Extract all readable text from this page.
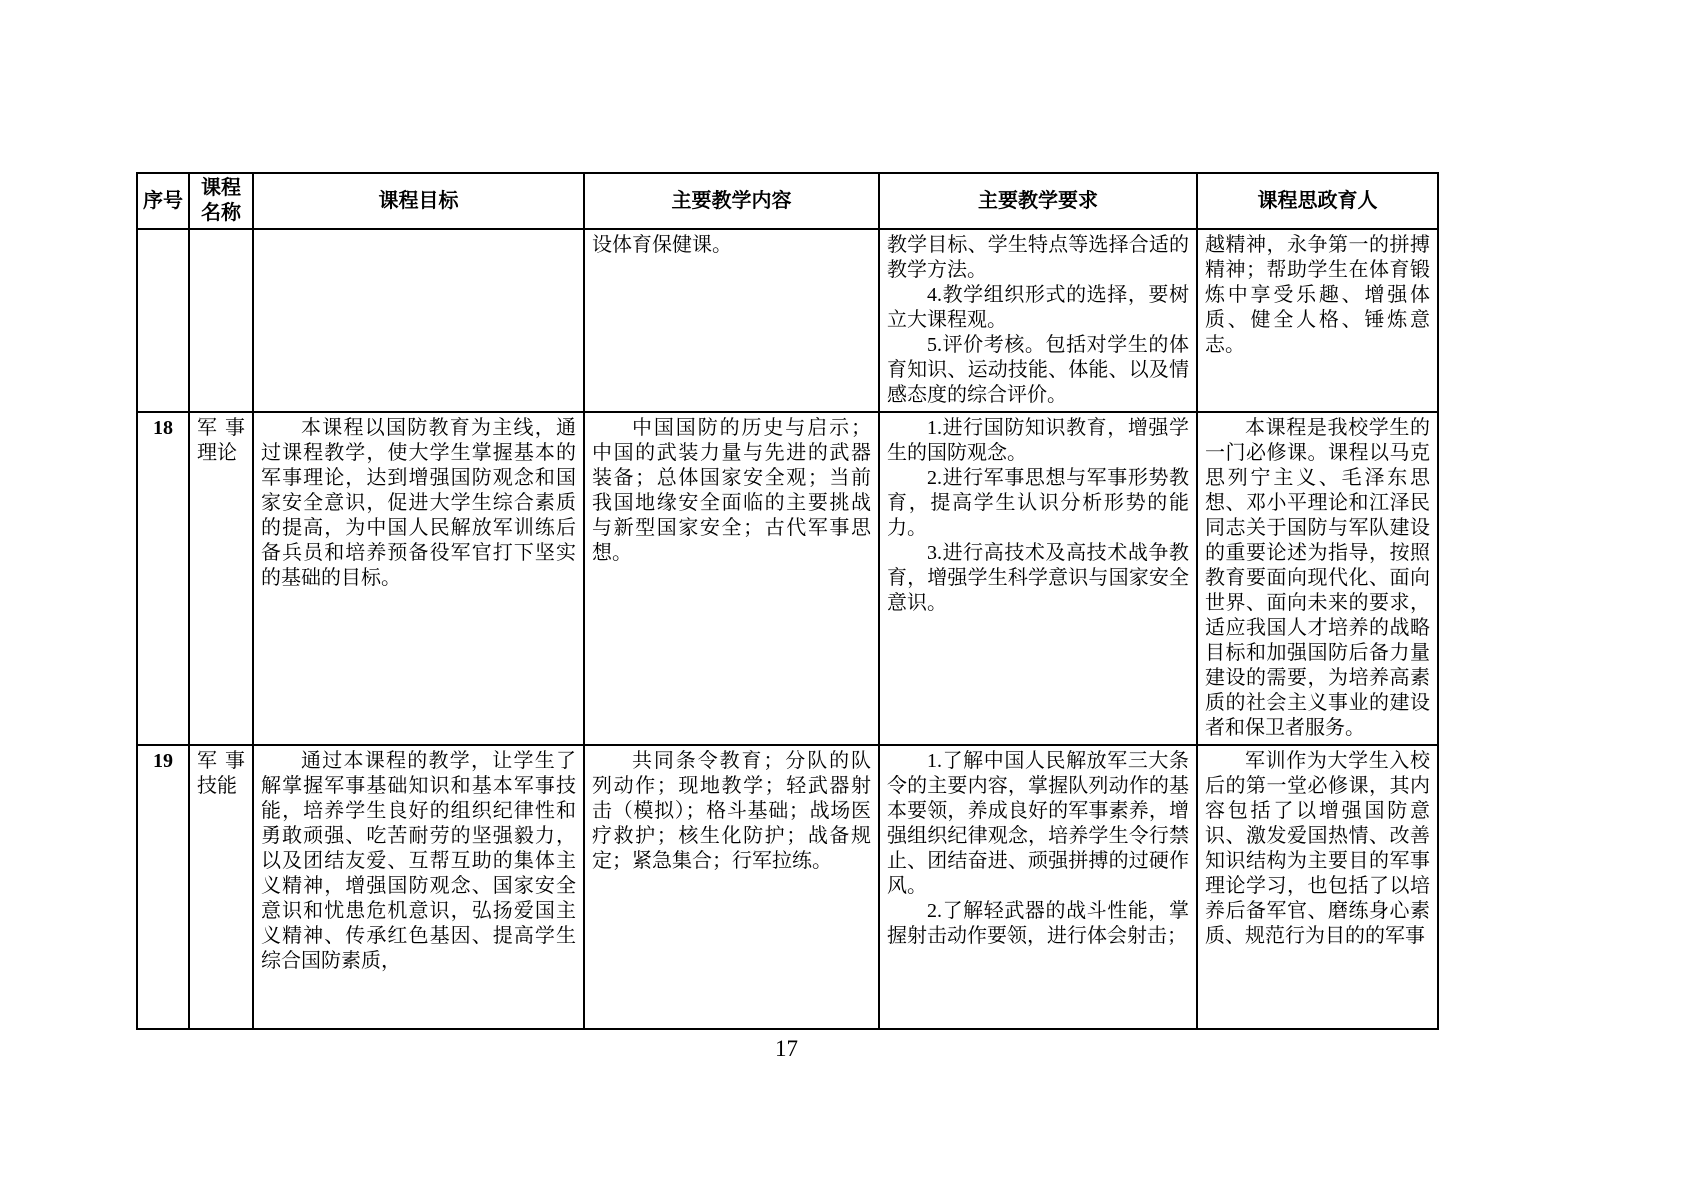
序号	课程名称	课程目标	主要教学内容	主要教学要求	课程思政育人

			设体育保健课。	教学目标、学生特点等选择合适的教学方法。

4.教学组织形式的选择，要树立大课程观。

5.评价考核。包括对学生的体育知识、运动技能、体能、以及情感态度的综合评价。	越精神，永争第一的拼搏精神；帮助学生在体育锻炼中享受乐趣、增强体质、健全人格、锤炼意志。

18	军事理论	本课程以国防教育为主线，通过课程教学，使大学生掌握基本的军事理论，达到增强国防观念和国家安全意识，促进大学生综合素质的提高，为中国人民解放军训练后备兵员和培养预备役军官打下坚实的基础的目标。	中国国防的历史与启示；中国的武装力量与先进的武器装备；总体国家安全观；当前我国地缘安全面临的主要挑战与新型国家安全；古代军事思想。	1.进行国防知识教育，增强学生的国防观念。

2.进行军事思想与军事形势教育，提高学生认识分析形势的能力。

3.进行高技术及高技术战争教育，增强学生科学意识与国家安全意识。	本课程是我校学生的一门必修课。课程以马克思列宁主义、毛泽东思想、邓小平理论和江泽民同志关于国防与军队建设的重要论述为指导，按照教育要面向现代化、面向世界、面向未来的要求，适应我国人才培养的战略目标和加强国防后备力量建设的需要，为培养高素质的社会主义事业的建设者和保卫者服务。

19	军事技能	通过本课程的教学，让学生了解掌握军事基础知识和基本军事技能，培养学生良好的组织纪律性和勇敢顽强、吃苦耐劳的坚强毅力，以及团结友爱、互帮互助的集体主义精神，增强国防观念、国家安全意识和忧患危机意识，弘扬爱国主义精神、传承红色基因、提高学生综合国防素质，	共同条令教育；分队的队列动作；现地教学；轻武器射击（模拟）；格斗基础；战场医疗救护；核生化防护；战备规定；紧急集合；行军拉练。	1.了解中国人民解放军三大条令的主要内容，掌握队列动作的基本要领，养成良好的军事素养，增强组织纪律观念，培养学生令行禁止、团结奋进、顽强拼搏的过硬作风。

2.了解轻武器的战斗性能，掌握射击动作要领，进行体会射击；	军训作为大学生入校后的第一堂必修课，其内容包括了以增强国防意识、激发爱国热情、改善知识结构为主要目的军事理论学习，也包括了以培养后备军官、磨练身心素质、规范行为目的的军事

17
